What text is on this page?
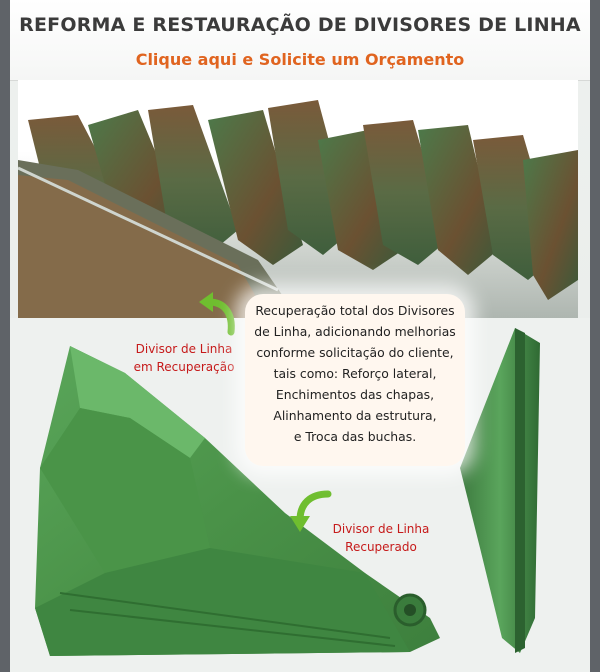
REFORMA E RESTAURAÇÃO DE DIVISORES DE LINHA
Clique aqui e Solicite um Orçamento
Divisor de Linha
em Recuperação
Divisor de Linha
Recuperado
Recuperação total dos Divisores
de Linha, adicionando melhorias
conforme solicitação do cliente,
tais como: Reforço lateral,
Enchimentos das chapas,
Alinhamento da estrutura,
e Troca das buchas.
